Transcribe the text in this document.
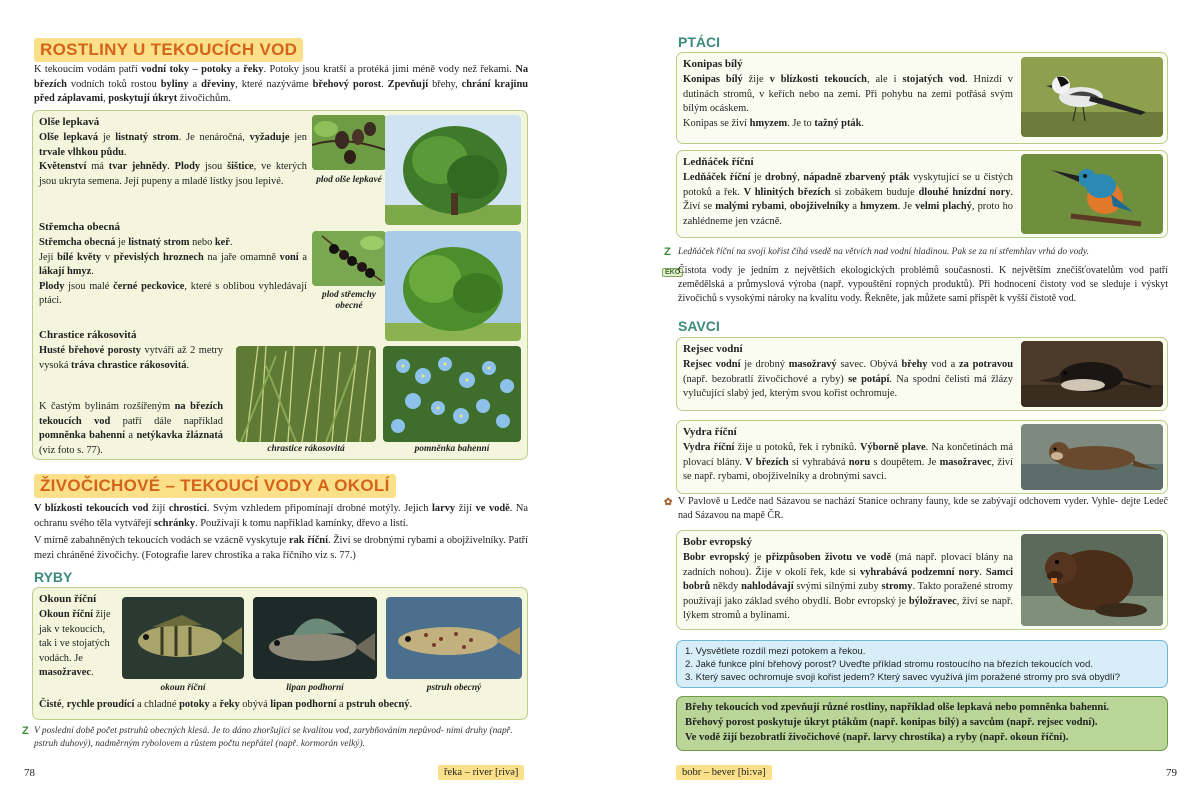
ROSTLINY U TEKOUCÍCH VOD
K tekoucím vodám patří vodní toky – potoky a řeky. Potoky jsou kratší a protéká jimi méně vody než řekami. Na březích vodních toků rostou byliny a dřeviny, které nazýváme břehový porost. Zpevňují břehy, chrání krajinu před záplavami, poskytují úkryt živočichům.
Olše lepkavá
Olše lepkavá je listnatý strom. Je nenáročná, vyžaduje jen trvale vlhkou půdu.
Květenství má tvar jehnědy. Plody jsou šištice, ve kterých jsou ukryta semena. Její pupeny a mladé lístky jsou lepivé.
Střemcha obecná
Střemcha obecná je listnatý strom nebo keř.
Její bílé květy v převislých hroznech na jaře omamně voní a lákají hmyz.
Plody jsou malé černé peckovice, které s oblibou vyhledávají ptáci.
Chrastice rákosovitá
Husté břehové porosty vytváří až 2 metry vysoká tráva chrastice rákosovitá.
K častým bylinám rozšířeným na březích tekoucích vod patří dále například pomněnka bahenní a netýkavka žláznatá (viz foto s. 77).
plod olše lepkavé
plod střemchy obecné
chrastice rákosovitá	pomněnka bahenní
ŽIVOČICHOVÉ – TEKOUCÍ VODY A OKOLÍ
V blízkosti tekoucích vod žijí chrostíci. Svým vzhledem připomínají drobné motýly. Jejich larvy žijí ve vodě. Na ochranu svého těla vytvářejí schránky. Používají k tomu například kamínky, dřevo a listí.
V mírně zabahněných tekoucích vodách se vzácně vyskytuje rak říční. Živí se drobnými rybami a obojživelníky. Patří mezi chráněné živočichy. (Fotografie larev chrostíka a raka říčního viz s. 77.)
RYBY
Okoun říční
Okoun říční žije jak v tekoucích, tak i ve stojatých vodách. Je masožravec.
Čisté, rychle proudící a chladné potoky a řeky obývá lipan podhorní a pstruh obecný.
okoun říční	lipan podhorní	pstruh obecný
Z V poslední době počet pstruhů obecných klesá. Je to dáno zhoršující se kvalitou vod, zarybňováním nepůvod- ními druhy (např. pstruh duhový), nadměrným rybolovem a růstem počtu nepřátel (např. kormorán velký).
78	řeka – river [rivə]
PTÁCI
Konipas bílý
Konipas bílý žije v blízkosti tekoucích, ale i stojatých vod. Hnízdí v dutinách stromů, v keřích nebo na zemi. Při pohybu na zemi potřásá svým bílým ocáskem.
Konipas se živí hmyzem. Je to tažný pták.
Ledňáček říční
Ledňáček říční je drobný, nápadně zbarvený pták vyskytující se u čistých potoků a řek. V hlinitých březích si zobákem buduje dlouhé hnízdní nory. Živí se malými rybami, obojživelníky a hmyzem. Je velmi plachý, proto ho zahlédneme jen vzácně.
Z Ledňáček říční na svoji kořist číhá vsedě na větvích nad vodní hladinou. Pak se za ní střemhlav vrhá do vody.
EKO
Čistota vody je jedním z největších ekologických problémů současnosti. K největším znečišťovatelům vod patří zemědělská a průmyslová výroba (např. vypouštění ropných produktů). Při hodnocení čistoty vod se sleduje i výskyt živočichů s vysokými nároky na kvalitu vody. Řekněte, jak můžete sami přispět k vyšší čistotě vod.
SAVCI
Rejsec vodní
Rejsec vodní je drobný masožravý savec. Obývá břehy vod a za potravou (např. bezobratlí živočichové a ryby) se potápí. Na spodní čelisti má žlázy vylučující slabý jed, kterým svou kořist ochromuje.
Vydra říční
Vydra říční žije u potoků, řek i rybníků. Výborně plave. Na končetinách má plovací blány. V březích si vyhrabává noru s doupětem. Je masožravec, živí se např. rybami, obojživelníky a drobnými savci.
✿ V Pavlově u Ledče nad Sázavou se nachází Stanice ochrany fauny, kde se zabývají odchovem vyder. Vyhle- dejte Ledeč nad Sázavou na mapě ČR.
Bobr evropský
Bobr evropský je přizpůsoben životu ve vodě (má např. plovací blány na zadních nohou). Žije v okolí řek, kde si vyhrabává podzemní nory. Samci bobrů někdy nahlodávají svými silnými zuby stromy. Takto poražené stromy používají jako základ svého obydlí. Bobr evropský je býložravec, živí se např. lýkem stromů a bylinami.
1. Vysvětlete rozdíl mezi potokem a řekou.
2. Jaké funkce plní břehový porost? Uveďte příklad stromu rostoucího na březích tekoucích vod.
3. Který savec ochromuje svoji kořist jedem? Který savec využívá jím poražené stromy pro svá obydlí?
Břehy tekoucích vod zpevňují různé rostliny, například olše lepkavá nebo pomněnka bahenní.
Břehový porost poskytuje úkryt ptákům (např. konipas bílý) a savcům (např. rejsec vodní).
Ve vodě žijí bezobratlí živočichové (např. larvy chrostíka) a ryby (např. okoun říční).
bobr – bever [bi:və]	79
